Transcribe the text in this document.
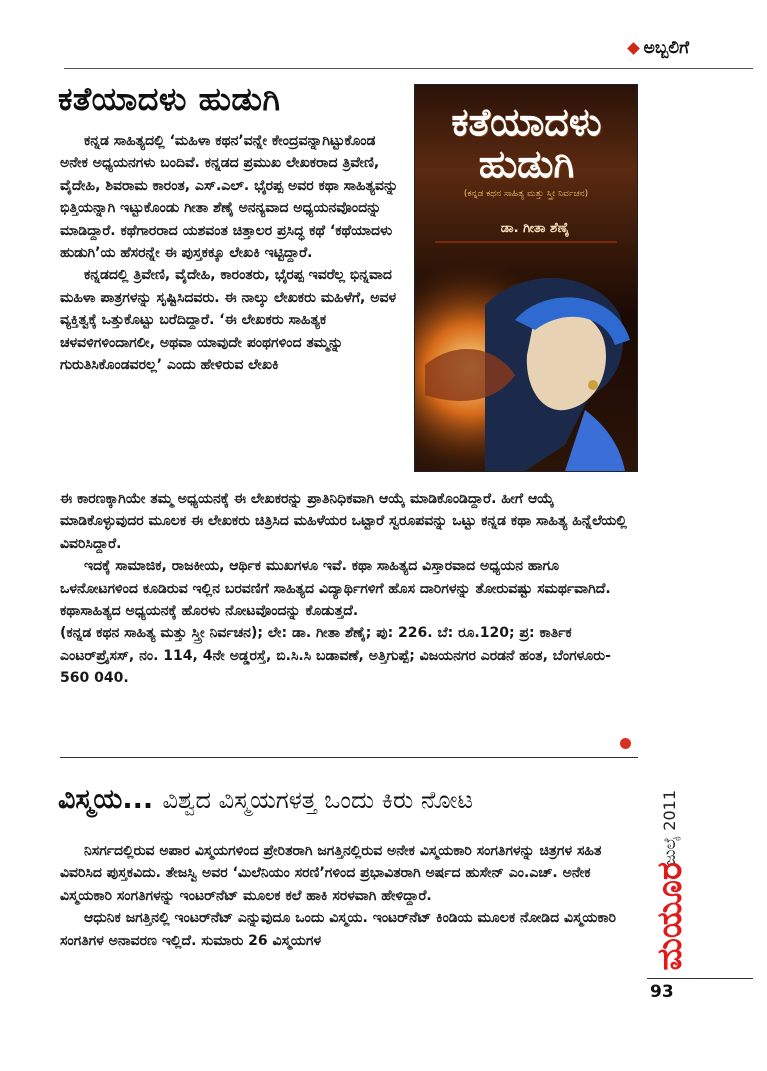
ಅಬ್ಬಲಿಗೆ
ಕತೆಯಾದಳು ಹುಡುಗಿ
ಕತೆಯಾದಳು ಹುಡುಗಿ
(ಕನ್ನಡ ಕಥನ ಸಾಹಿತ್ಯ ಮತ್ತು ಸ್ತ್ರೀ ನಿರ್ವಚನ)
ಡಾ. ಗೀತಾ ಶೆಣೈ

ಕನ್ನಡ ಸಾಹಿತ್ಯದಲ್ಲಿ ‘ಮಹಿಳಾ ಕಥನ’ವನ್ನೇ ಕೇಂದ್ರವನ್ನಾಗಿಟ್ಟುಕೊಂಡ ಅನೇಕ ಅಧ್ಯಯನಗಳು ಬಂದಿವೆ. ಕನ್ನಡದ ಪ್ರಮುಖ ಲೇಖಕರಾದ ತ್ರಿವೇಣಿ, ವೈದೇಹಿ, ಶಿವರಾಮ ಕಾರಂತ, ಎಸ್.ಎಲ್. ಭೈರಪ್ಪ ಅವರ ಕಥಾ ಸಾಹಿತ್ಯವನ್ನು ಭಿತ್ತಿಯನ್ನಾಗಿ ಇಟ್ಟುಕೊಂಡು ಗೀತಾ ಶೆಣೈ ಅನನ್ಯವಾದ ಅಧ್ಯಯನವೊಂದನ್ನು ಮಾಡಿದ್ದಾರೆ. ಕಥೆಗಾರರಾದ ಯಶವಂತ ಚಿತ್ತಾಲರ ಪ್ರಸಿದ್ಧ ಕಥೆ ‘ಕಥೆಯಾದಳು ಹುಡುಗಿ’ಯ ಹೆಸರನ್ನೇ ಈ ಪುಸ್ತಕಕ್ಕೂ ಲೇಖಕಿ ಇಟ್ಟಿದ್ದಾರೆ.

ಕನ್ನಡದಲ್ಲಿ ತ್ರಿವೇಣಿ, ವೈದೇಹಿ, ಕಾರಂತರು, ಭೈರಪ್ಪ ಇವರೆಲ್ಲ ಭಿನ್ನವಾದ ಮಹಿಳಾ ಪಾತ್ರಗಳನ್ನು ಸೃಷ್ಟಿಸಿದವರು. ಈ ನಾಲ್ಕು ಲೇಖಕರು ಮಹಿಳೆಗೆ, ಅವಳ ವ್ಯಕ್ತಿತ್ವಕ್ಕೆ ಒತ್ತುಕೊಟ್ಟು ಬರೆದಿದ್ದಾರೆ. ‘ಈ ಲೇಖಕರು ಸಾಹಿತ್ಯಕ ಚಳವಳಿಗಳಿಂದಾಗಲೀ, ಅಥವಾ ಯಾವುದೇ ಪಂಥಗಳಿಂದ ತಮ್ಮನ್ನು ಗುರುತಿಸಿಕೊಂಡವರಲ್ಲ’ ಎಂದು ಹೇಳಿರುವ ಲೇಖಕಿ

ಈ ಕಾರಣಕ್ಕಾಗಿಯೇ ತಮ್ಮ ಅಧ್ಯಯನಕ್ಕೆ ಈ ಲೇಖಕರನ್ನು ಪ್ರಾತಿನಿಧಿಕವಾಗಿ ಆಯ್ಕೆ ಮಾಡಿಕೊಂಡಿದ್ದಾರೆ. ಹೀಗೆ ಆಯ್ಕೆ ಮಾಡಿಕೊಳ್ಳುವುದರ ಮೂಲಕ ಈ ಲೇಖಕರು ಚಿತ್ರಿಸಿದ ಮಹಿಳೆಯರ ಒಟ್ಟಾರೆ ಸ್ವರೂಪವನ್ನು ಒಟ್ಟು ಕನ್ನಡ ಕಥಾ ಸಾಹಿತ್ಯ ಹಿನ್ನೆಲೆಯಲ್ಲಿ ವಿವರಿಸಿದ್ದಾರೆ.

ಇದಕ್ಕೆ ಸಾಮಾಜಿಕ, ರಾಜಕೀಯ, ಆರ್ಥಿಕ ಮುಖಗಳೂ ಇವೆ. ಕಥಾ ಸಾಹಿತ್ಯದ ವಿಸ್ತಾರವಾದ ಅಧ್ಯಯನ ಹಾಗೂ ಒಳನೋಟಗಳಿಂದ ಕೂಡಿರುವ ಇಲ್ಲಿನ ಬರವಣಿಗೆ ಸಾಹಿತ್ಯದ ವಿದ್ಯಾರ್ಥಿಗಳಿಗೆ ಹೊಸ ದಾರಿಗಳನ್ನು ತೋರುವಷ್ಟು ಸಮರ್ಥವಾಗಿದೆ. ಕಥಾಸಾಹಿತ್ಯದ ಅಧ್ಯಯನಕ್ಕೆ ಹೊರಳು ನೋಟವೊಂದನ್ನು ಕೊಡುತ್ತದೆ.

(ಕನ್ನಡ ಕಥನ ಸಾಹಿತ್ಯ ಮತ್ತು ಸ್ತ್ರೀ ನಿರ್ವಚನ); ಲೇ: ಡಾ. ಗೀತಾ ಶೆಣೈ; ಪು: 226. ಬೆ: ರೂ.120; ಪ್ರ: ಕಾರ್ತಿಕ ಎಂಟರ್‌ಪ್ರೈಸಸ್, ನಂ. 114, 4ನೇ ಅಡ್ಡರಸ್ತೆ, ಬಿ.ಸಿ.ಸಿ ಬಡಾವಣೆ, ಅತ್ತಿಗುಪ್ಪೆ; ವಿಜಯನಗರ ಎರಡನೆ ಹಂತ, ಬೆಂಗಳೂರು- 560 040.

ವಿಸ್ಮಯ... ವಿಶ್ವದ ವಿಸ್ಮಯಗಳತ್ತ ಒಂದು ಕಿರು ನೋಟ

ನಿಸರ್ಗದಲ್ಲಿರುವ ಅಪಾರ ವಿಸ್ಮಯಗಳಿಂದ ಪ್ರೇರಿತರಾಗಿ ಜಗತ್ತಿನಲ್ಲಿರುವ ಅನೇಕ ವಿಸ್ಮಯಕಾರಿ ಸಂಗತಿಗಳನ್ನು ಚಿತ್ರಗಳ ಸಹಿತ ವಿವರಿಸಿದ ಪುಸ್ತಕವಿದು. ತೇಜಸ್ವಿ ಅವರ ‘ಮಿಲೆನಿಯಂ ಸರಣಿ’ಗಳಿಂದ ಪ್ರಭಾವಿತರಾಗಿ ಅರ್ಷದ ಹುಸೇನ್ ಎಂ.ಎಚ್. ಅನೇಕ ವಿಸ್ಮಯಕಾರಿ ಸಂಗತಿಗಳನ್ನು ಇಂಟರ್‌ನೆಟ್ ಮೂಲಕ ಕಲೆ ಹಾಕಿ ಸರಳವಾಗಿ ಹೇಳಿದ್ದಾರೆ.

ಆಧುನಿಕ ಜಗತ್ತಿನಲ್ಲಿ ಇಂಟರ್‌ನೆಟ್ ಎನ್ನುವುದೂ ಒಂದು ವಿಸ್ಮಯ. ಇಂಟರ್‌ನೆಟ್ ಕಿಂಡಿಯ ಮೂಲಕ ನೋಡಿದ ವಿಸ್ಮಯಕಾರಿ ಸಂಗತಿಗಳ ಅನಾವರಣ ಇಲ್ಲಿದೆ. ಸುಮಾರು 26 ವಿಸ್ಮಯಗಳ

ಜುಲೈ 2011
ಮಯೂರ
93
